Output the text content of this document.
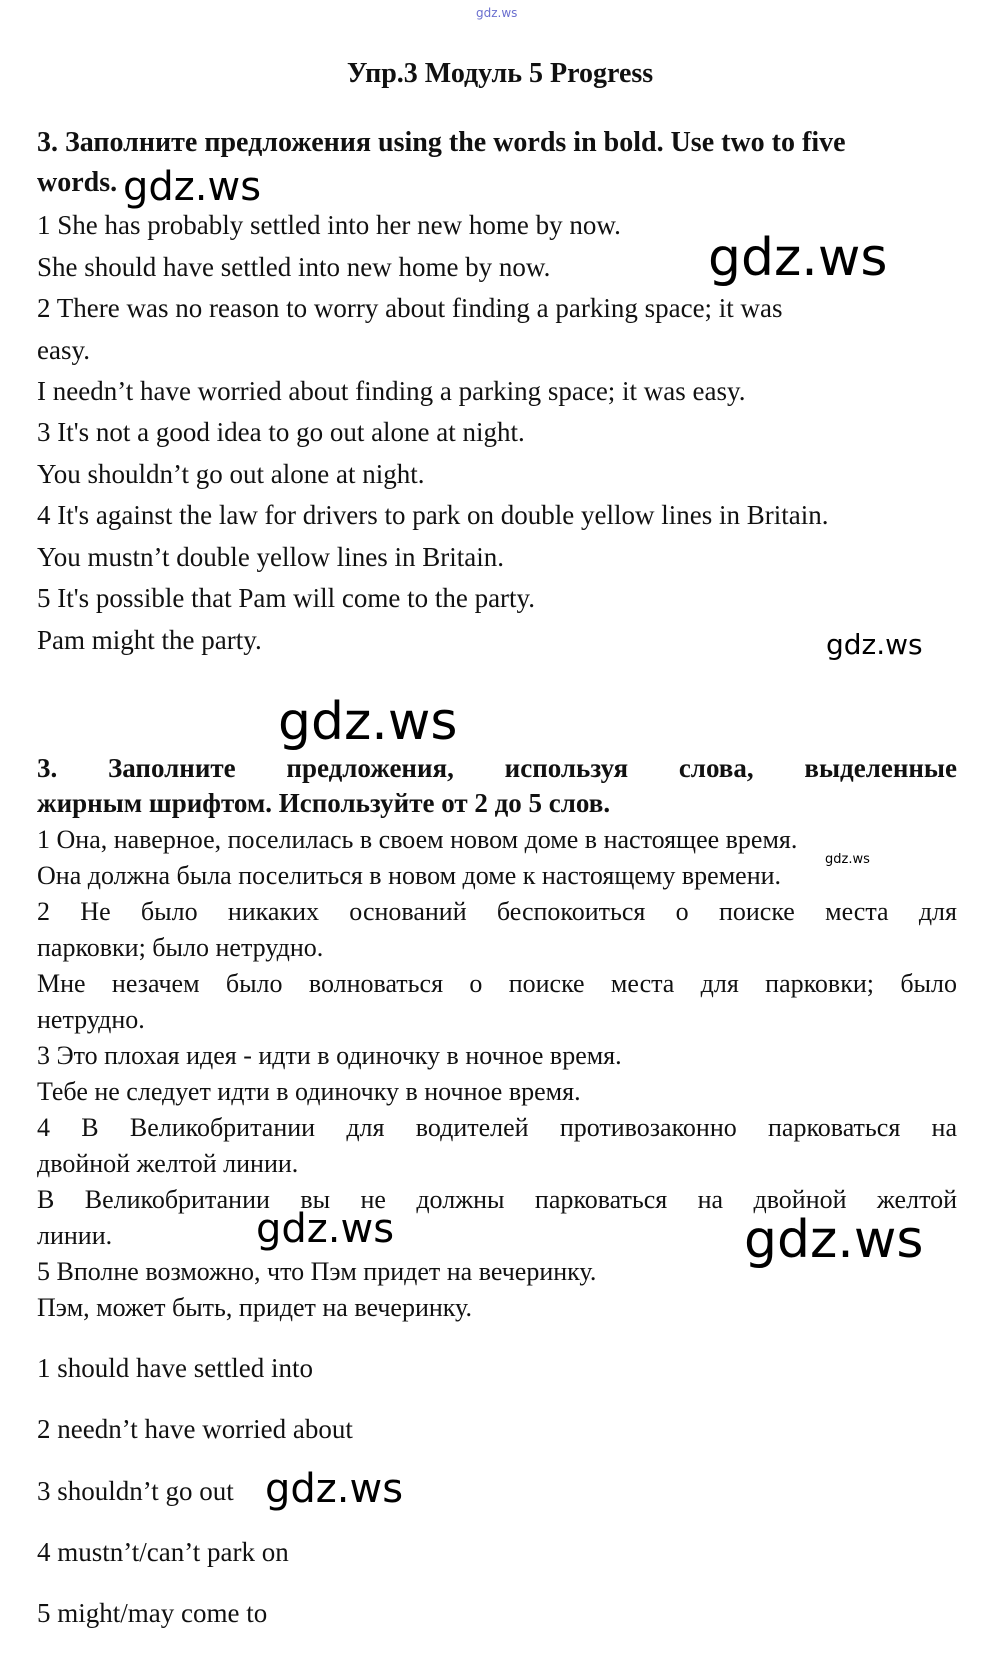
gdz.ws
Упр.3 Модуль 5 Progress
3. Заполните предложения using the words in bold. Use two to five
words. gdz.ws
1 She has probably settled into her new home by now.
She should have settled into new home by now.	gdz.ws
2 There was no reason to worry about finding a parking space; it was
easy.
I needn’t have worried about finding a parking space; it was easy.
3 It's not a good idea to go out alone at night.
You shouldn’t go out alone at night.
4 It's against the law for drivers to park on double yellow lines in Britain.
You mustn’t double yellow lines in Britain.
5 It's possible that Pam will come to the party.
Pam might the party.	gdz.ws
gdz.ws
3. Заполните предложения, используя слова, выделенные
жирным шрифтом. Используйте от 2 до 5 слов.
1 Она, наверное, поселилась в своем новом доме в настоящее время.
gdz.ws
Она должна была поселиться в новом доме к настоящему времени.
2 Не было никаких оснований беспокоиться о поиске места для
парковки; было нетрудно.
Мне незачем было волноваться о поиске места для парковки; было
нетрудно.
3 Это плохая идея - идти в одиночку в ночное время.
Тебе не следует идти в одиночку в ночное время.
4 В Великобритании для водителей противозаконно парковаться на
двойной желтой линии.
В Великобритании вы не должны парковаться на двойной желтой
линии.	gdz.ws	gdz.ws
5 Вполне возможно, что Пэм придет на вечеринку.
Пэм, может быть, придет на вечеринку.
1 should have settled into
2 needn’t have worried about
3 shouldn’t go out gdz.ws
4 mustn’t/can’t park on
5 might/may come to
